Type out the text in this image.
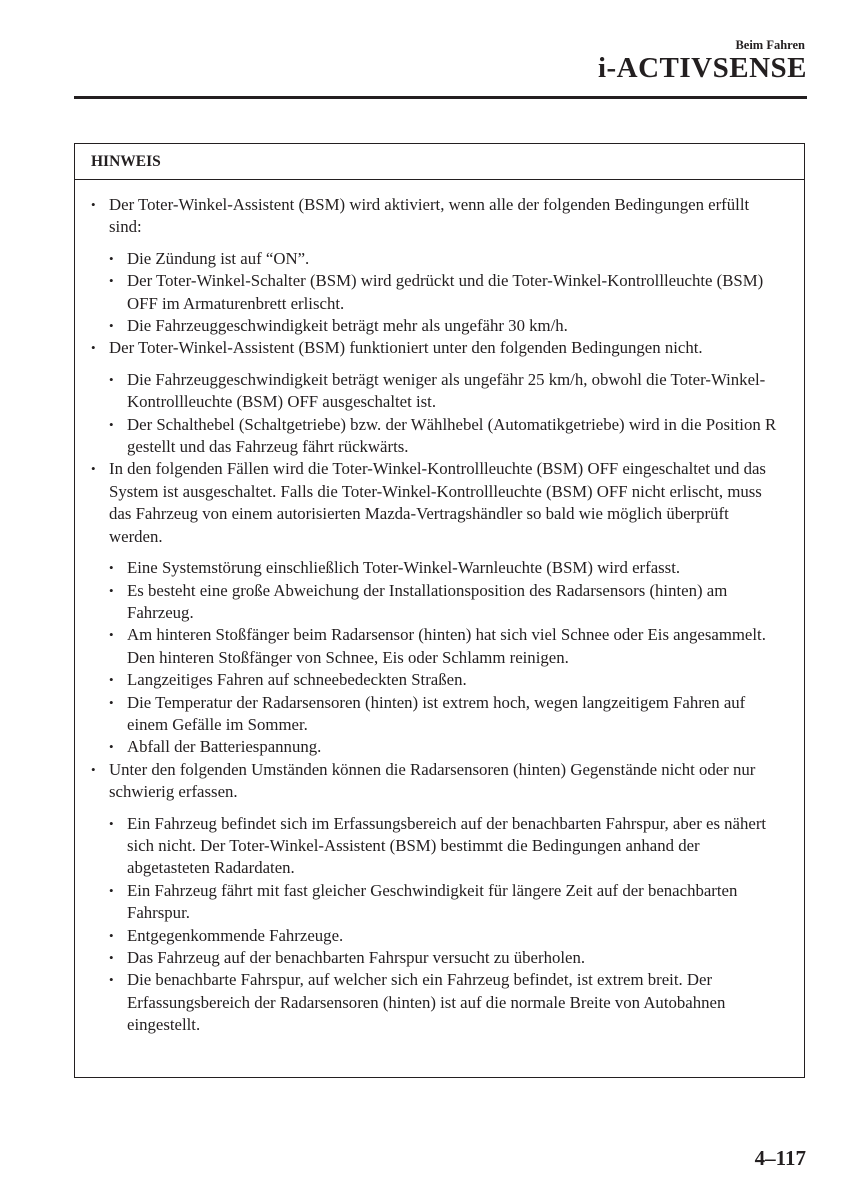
Beim Fahren
i-ACTIVSENSE
HINWEIS
• Der Toter-Winkel-Assistent (BSM) wird aktiviert, wenn alle der folgenden Bedingungen erfüllt sind:
• Die Zündung ist auf “ON”.
• Der Toter-Winkel-Schalter (BSM) wird gedrückt und die Toter-Winkel-Kontrollleuchte (BSM) OFF im Armaturenbrett erlischt.
• Die Fahrzeuggeschwindigkeit beträgt mehr als ungefähr 30 km/h.
• Der Toter-Winkel-Assistent (BSM) funktioniert unter den folgenden Bedingungen nicht.
• Die Fahrzeuggeschwindigkeit beträgt weniger als ungefähr 25 km/h, obwohl die Toter-Winkel-Kontrollleuchte (BSM) OFF ausgeschaltet ist.
• Der Schalthebel (Schaltgetriebe) bzw. der Wählhebel (Automatikgetriebe) wird in die Position R gestellt und das Fahrzeug fährt rückwärts.
• In den folgenden Fällen wird die Toter-Winkel-Kontrollleuchte (BSM) OFF eingeschaltet und das System ist ausgeschaltet. Falls die Toter-Winkel-Kontrollleuchte (BSM) OFF nicht erlischt, muss das Fahrzeug von einem autorisierten Mazda-Vertragshändler so bald wie möglich überprüft werden.
• Eine Systemstörung einschließlich Toter-Winkel-Warnleuchte (BSM) wird erfasst.
• Es besteht eine große Abweichung der Installationsposition des Radarsensors (hinten) am Fahrzeug.
• Am hinteren Stoßfänger beim Radarsensor (hinten) hat sich viel Schnee oder Eis angesammelt. Den hinteren Stoßfänger von Schnee, Eis oder Schlamm reinigen.
• Langzeitiges Fahren auf schneebedeckten Straßen.
• Die Temperatur der Radarsensoren (hinten) ist extrem hoch, wegen langzeitigem Fahren auf einem Gefälle im Sommer.
• Abfall der Batteriespannung.
• Unter den folgenden Umständen können die Radarsensoren (hinten) Gegenstände nicht oder nur schwierig erfassen.
• Ein Fahrzeug befindet sich im Erfassungsbereich auf der benachbarten Fahrspur, aber es nähert sich nicht. Der Toter-Winkel-Assistent (BSM) bestimmt die Bedingungen anhand der abgetasteten Radardaten.
• Ein Fahrzeug fährt mit fast gleicher Geschwindigkeit für längere Zeit auf der benachbarten Fahrspur.
• Entgegenkommende Fahrzeuge.
• Das Fahrzeug auf der benachbarten Fahrspur versucht zu überholen.
• Die benachbarte Fahrspur, auf welcher sich ein Fahrzeug befindet, ist extrem breit. Der Erfassungsbereich der Radarsensoren (hinten) ist auf die normale Breite von Autobahnen eingestellt.
4–117
